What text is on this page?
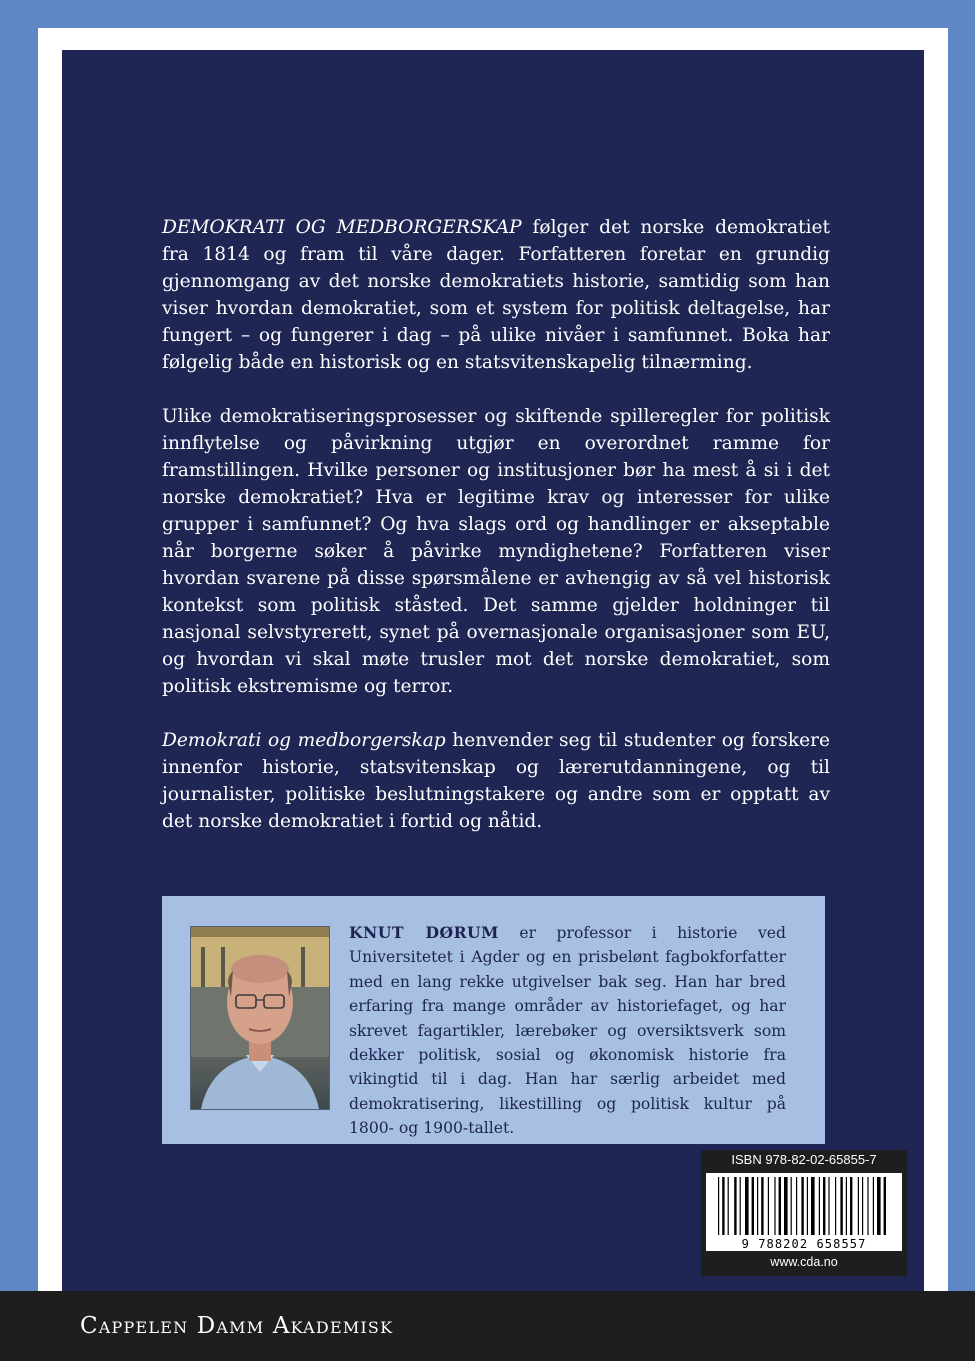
DEMOKRATI OG MEDBORGERSKAP følger det norske demokratiet fra 1814 og fram til våre dager. Forfatteren foretar en grundig gjennomgang av det norske demokratiets historie, samtidig som han viser hvordan demokratiet, som et system for politisk deltagelse, har fungert – og fungerer i dag – på ulike nivåer i samfunnet. Boka har følgelig både en historisk og en statsvitenskapelig tilnærming.

Ulike demokratiseringsprosesser og skiftende spilleregler for politisk innflytelse og påvirkning utgjør en overordnet ramme for framstillingen. Hvilke personer og institusjoner bør ha mest å si i det norske demokratiet? Hva er legitime krav og interesser for ulike grupper i samfunnet? Og hva slags ord og handlinger er akseptable når borgerne søker å påvirke myndighetene? Forfatteren viser hvordan svarene på disse spørsmålene er avhengig av så vel historisk kontekst som politisk ståsted. Det samme gjelder holdninger til nasjonal selvstyrerett, synet på overnasjonale organisasjoner som EU, og hvordan vi skal møte trusler mot det norske demokratiet, som politisk ekstremisme og terror.

Demokrati og medborgerskap henvender seg til studenter og forskere innenfor historie, statsvitenskap og lærerutdanningene, og til journalister, politiske beslutningstakere og andre som er opptatt av det norske demokratiet i fortid og nåtid.

KNUT DØRUM er professor i historie ved Universitetet i Agder og en prisbelønt fagbokforfatter med en lang rekke utgivelser bak seg. Han har bred erfaring fra mange områder av historiefaget, og har skrevet fagartikler, lærebøker og oversiktsverk som dekker politisk, sosial og økonomisk historie fra vikingtid til i dag. Han har særlig arbeidet med demokratisering, likestilling og politisk kultur på 1800- og 1900-tallet.
ISBN 978-82-02-65855-7
9 788202 658557
www.cda.no
Cappelen Damm Akademisk
